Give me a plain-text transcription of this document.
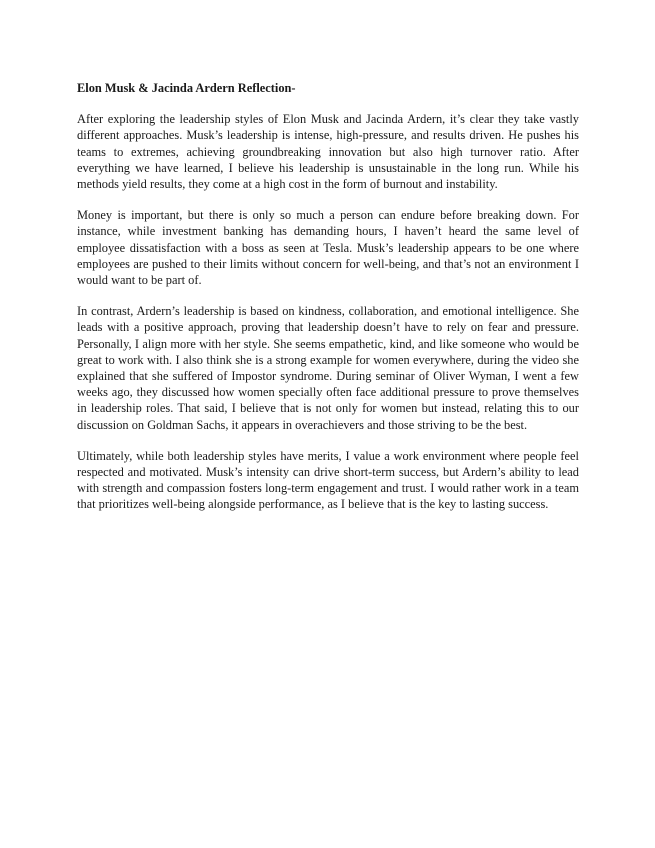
Elon Musk & Jacinda Ardern Reflection-

After exploring the leadership styles of Elon Musk and Jacinda Ardern, it’s clear they take vastly different approaches. Musk’s leadership is intense, high-pressure, and results driven. He pushes his teams to extremes, achieving groundbreaking innovation but also high turnover ratio. After everything we have learned, I believe his leadership is unsustainable in the long run. While his methods yield results, they come at a high cost in the form of burnout and instability.

Money is important, but there is only so much a person can endure before breaking down. For instance, while investment banking has demanding hours, I haven’t heard the same level of employee dissatisfaction with a boss as seen at Tesla. Musk’s leadership appears to be one where employees are pushed to their limits without concern for well-being, and that’s not an environment I would want to be part of.

In contrast, Ardern’s leadership is based on kindness, collaboration, and emotional intelligence. She leads with a positive approach, proving that leadership doesn’t have to rely on fear and pressure. Personally, I align more with her style. She seems empathetic, kind, and like someone who would be great to work with. I also think she is a strong example for women everywhere, during the video she explained that she suffered of Impostor syndrome. During seminar of Oliver Wyman, I went a few weeks ago, they discussed how women specially often face additional pressure to prove themselves in leadership roles. That said, I believe that is not only for women but instead, relating this to our discussion on Goldman Sachs, it appears in overachievers and those striving to be the best.

Ultimately, while both leadership styles have merits, I value a work environment where people feel respected and motivated. Musk’s intensity can drive short-term success, but Ardern’s ability to lead with strength and compassion fosters long-term engagement and trust. I would rather work in a team that prioritizes well-being alongside performance, as I believe that is the key to lasting success.
